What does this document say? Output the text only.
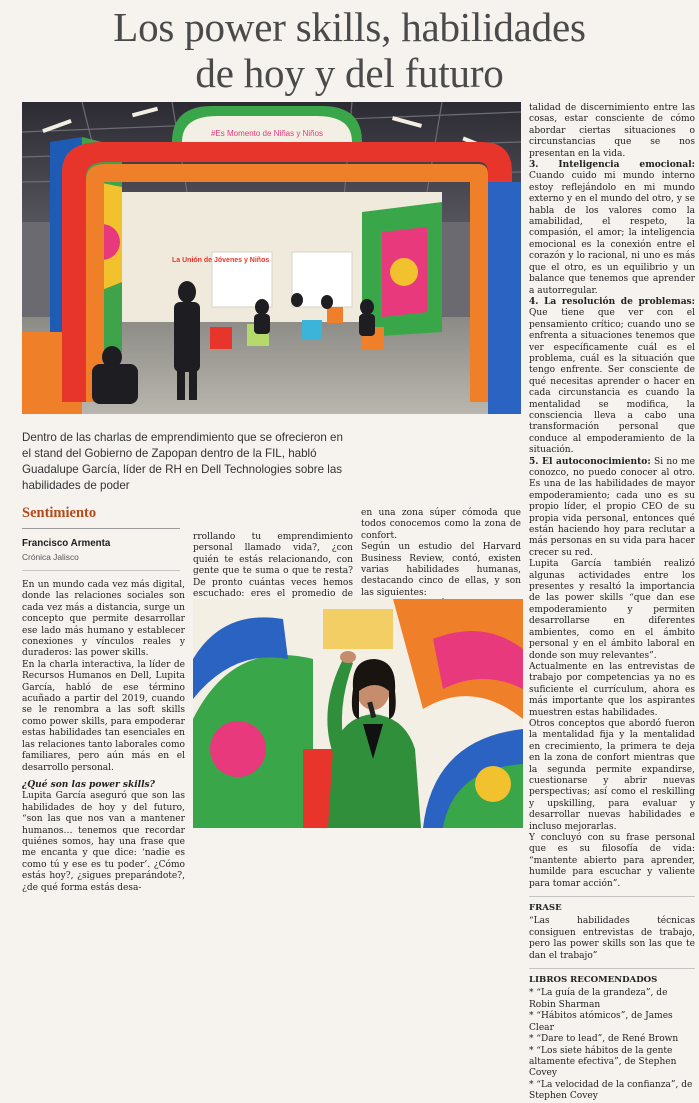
Los power skills, habilidades
de hoy y del futuro
#Es Momento de Niñas y Niños
La Unión de Jóvenes y Niños
Dentro de las charlas de emprendimiento que se ofrecieron en el stand del Gobierno de Zapopan dentro de la FIL, habló Guadalupe García, líder de RH en Dell Technologies sobre las habilidades de poder
Sentimiento
Francisco Armenta
Crónica Jalisco

En un mundo cada vez más digital, donde las relaciones sociales son cada vez más a distancia, surge un concepto que permite desarrollar ese lado más humano y establecer conexiones y vínculos reales y duraderos: las power skills.

En la charla interactiva, la líder de Recursos Humanos en Dell, Lupita García, habló de ese término acuñado a partir del 2019, cuando se le renombra a las soft skills como power skills, para empoderar estas habilidades tan esenciales en las relaciones tanto laborales como familiares, pero aún más en el desarrollo personal.

¿Qué son las power skills?

Lupita García aseguró que son las habilidades de hoy y del futuro, “son las que nos van a mantener humanos… tenemos que recordar quiénes somos, hay una frase que me encanta y que dice: ‘nadie es como tú y ese es tu poder’. ¿Cómo estás hoy?, ¿sigues preparándote?, ¿de qué forma estás desa-

rrollando tu emprendimiento personal llamado vida?, ¿con quién te estás relacionando, con gente que te suma o que te resta? De pronto cuántas veces hemos escuchado: eres el promedio de

en una zona súper cómoda que todos conocemos como la zona de confort.

Según un estudio del Harvard Business Review, contó, existen varias habilidades humanas, destacando cinco de ellas, y son las siguientes:

talidad de discernimiento entre las cosas, estar consciente de cómo abordar ciertas situaciones o circunstancias que se nos presentan en la vida.

3. Inteligencia emocional: Cuando cuido mi mundo interno estoy reflejándolo en mi mundo externo y en el mundo del otro, y se habla de los valores como la amabilidad, el respeto, la compasión, el amor; la inteligencia emocional es la conexión entre el corazón y lo racional, ni uno es más que el otro, es un equilibrio y un balance que tenemos que aprender a autorregular.

4. La resolución de problemas: Que tiene que ver con el pensamiento crítico; cuando uno se enfrenta a situaciones tenemos que ver específicamente cuál es el problema, cuál es la situación que tengo enfrente. Ser consciente de qué necesitas aprender o hacer en cada circunstancia es cuando la mentalidad se modifica, la consciencia lleva a cabo una transformación personal que conduce al empoderamiento de la situación.

5. El autoconocimiento: Si no me conozco, no puedo conocer al otro. Es una de las habilidades de mayor empoderamiento; cada uno es su propio líder, el propio CEO de su propia vida personal, entonces qué están haciendo hoy para reclutar a más personas en su vida para hacer crecer su red.

Lupita García también realizó algunas actividades entre los presentes y resaltó la importancia de las power skills “que dan ese empoderamiento y permiten desarrollarse en diferentes ambientes, como en el ámbito personal y en el ámbito laboral en donde son muy relevantes”.

Actualmente en las entrevistas de trabajo por competencias ya no es suficiente el currículum, ahora es más importante que los aspirantes muestren estas habilidades.

Otros conceptos que abordó fueron la mentalidad fija y la mentalidad en crecimiento, la primera te deja en la zona de confort mientras que la segunda permite expandirse, cuestionarse y abrir nuevas perspectivas; así como el reskilling y upskilling, para evaluar y desarrollar nuevas habilidades e incluso mejorarlas.

Y concluyó con su frase personal que es su filosofía de vida: “mantente abierto para aprender, humilde para escuchar y valiente para tomar acción”.

FRASE

“Las habilidades técnicas consiguen entrevistas de trabajo, pero las power skills son las que te dan el trabajo”

LIBROS RECOMENDADOS
* “La guía de la grandeza”, de Robin Sharman
* “Hábitos atómicos”, de James Clear
* “Dare to lead”, de René Brown
* “Los siete hábitos de la gente altamente efectiva”, de Stephen Covey
* “La velocidad de la confianza”, de Stephen Covey
